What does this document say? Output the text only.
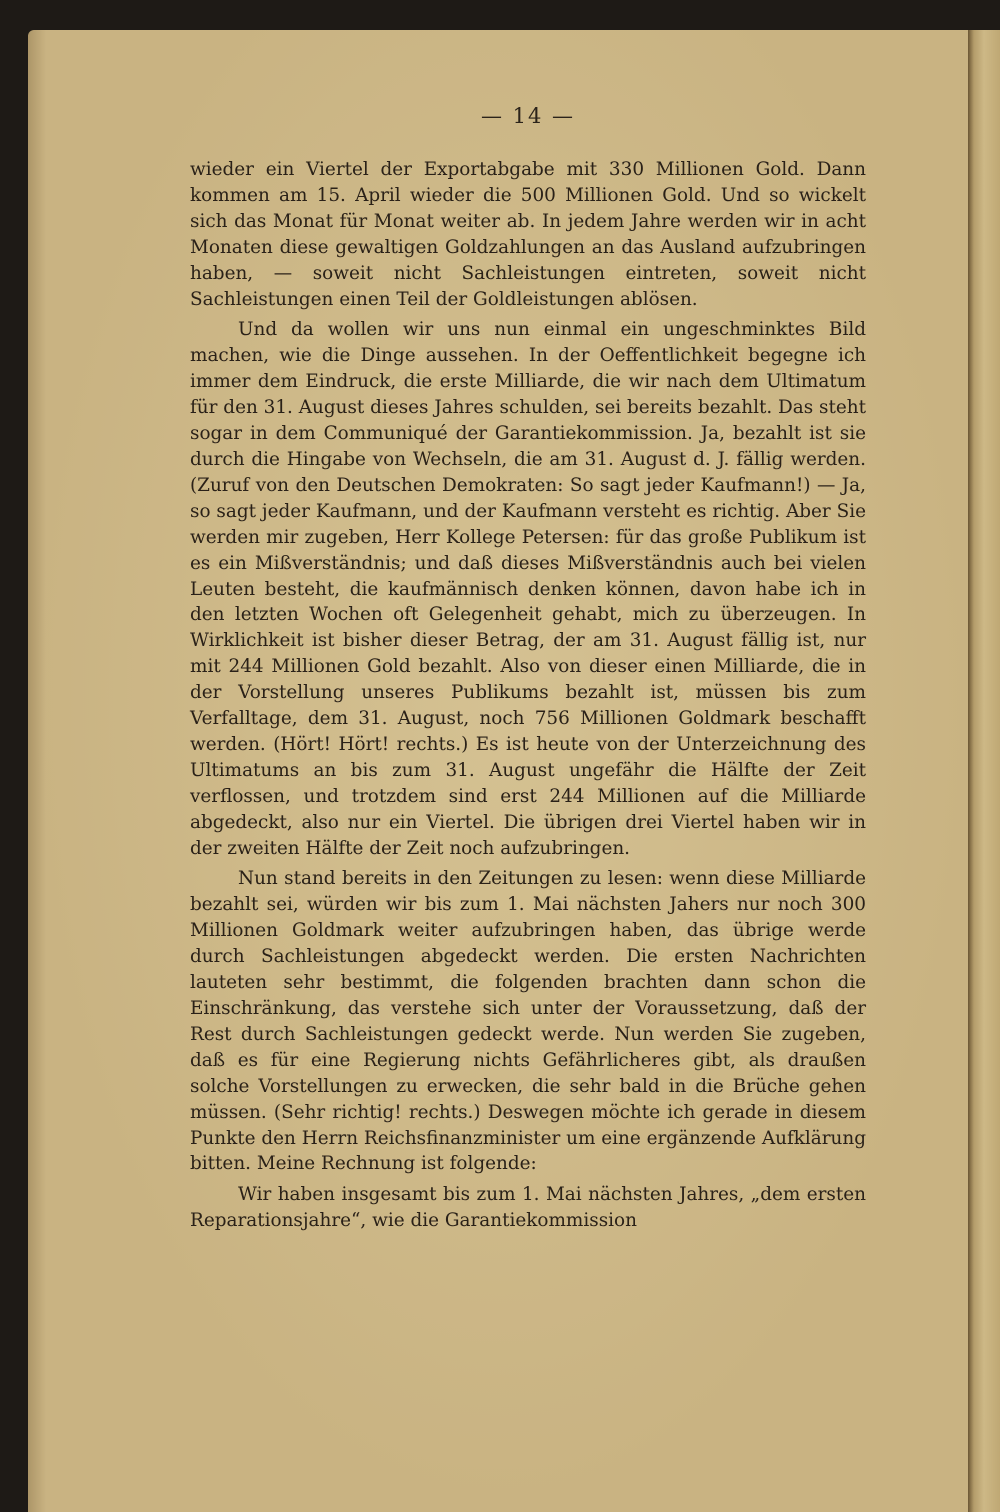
— 14 —

wieder ein Viertel der Exportabgabe mit 330 Millionen Gold. Dann kommen am 15. April wieder die 500 Millionen Gold. Und so wickelt sich das Monat für Monat weiter ab. In jedem Jahre werden wir in acht Monaten diese gewaltigen Goldzahlungen an das Ausland aufzubringen haben, — soweit nicht Sachleistungen eintreten, soweit nicht Sachleistungen einen Teil der Goldleistungen ablösen.

Und da wollen wir uns nun einmal ein ungeschminktes Bild machen, wie die Dinge aussehen. In der Oeffentlichkeit begegne ich immer dem Eindruck, die erste Milliarde, die wir nach dem Ultimatum für den 31. August dieses Jahres schulden, sei bereits bezahlt. Das steht sogar in dem Communiqué der Garantiekommission. Ja, bezahlt ist sie durch die Hingabe von Wechseln, die am 31. August d. J. fällig werden. (Zuruf von den Deutschen Demokraten: So sagt jeder Kaufmann!) — Ja, so sagt jeder Kaufmann, und der Kaufmann versteht es richtig. Aber Sie werden mir zugeben, Herr Kollege Petersen: für das große Publikum ist es ein Mißverständnis; und daß dieses Mißverständnis auch bei vielen Leuten besteht, die kaufmännisch denken können, davon habe ich in den letzten Wochen oft Gelegenheit gehabt, mich zu überzeugen. In Wirklichkeit ist bisher dieser Betrag, der am 31. August fällig ist, nur mit 244 Millionen Gold bezahlt. Also von dieser einen Milliarde, die in der Vorstellung unseres Publikums bezahlt ist, müssen bis zum Verfalltage, dem 31. August, noch 756 Millionen Goldmark beschafft werden. (Hört! Hört! rechts.) Es ist heute von der Unterzeichnung des Ultimatums an bis zum 31. August ungefähr die Hälfte der Zeit verflossen, und trotzdem sind erst 244 Millionen auf die Milliarde abgedeckt, also nur ein Viertel. Die übrigen drei Viertel haben wir in der zweiten Hälfte der Zeit noch aufzubringen.

Nun stand bereits in den Zeitungen zu lesen: wenn diese Milliarde bezahlt sei, würden wir bis zum 1. Mai nächsten Jahers nur noch 300 Millionen Goldmark weiter aufzubringen haben, das übrige werde durch Sachleistungen abgedeckt werden. Die ersten Nachrichten lauteten sehr bestimmt, die folgenden brachten dann schon die Einschränkung, das verstehe sich unter der Voraussetzung, daß der Rest durch Sachleistungen gedeckt werde. Nun werden Sie zugeben, daß es für eine Regierung nichts Gefährlicheres gibt, als draußen solche Vorstellungen zu erwecken, die sehr bald in die Brüche gehen müssen. (Sehr richtig! rechts.) Deswegen möchte ich gerade in diesem Punkte den Herrn Reichsfinanzminister um eine ergänzende Aufklärung bitten. Meine Rechnung ist folgende:

Wir haben insgesamt bis zum 1. Mai nächsten Jahres, „dem ersten Reparationsjahre“, wie die Garantiekommission
